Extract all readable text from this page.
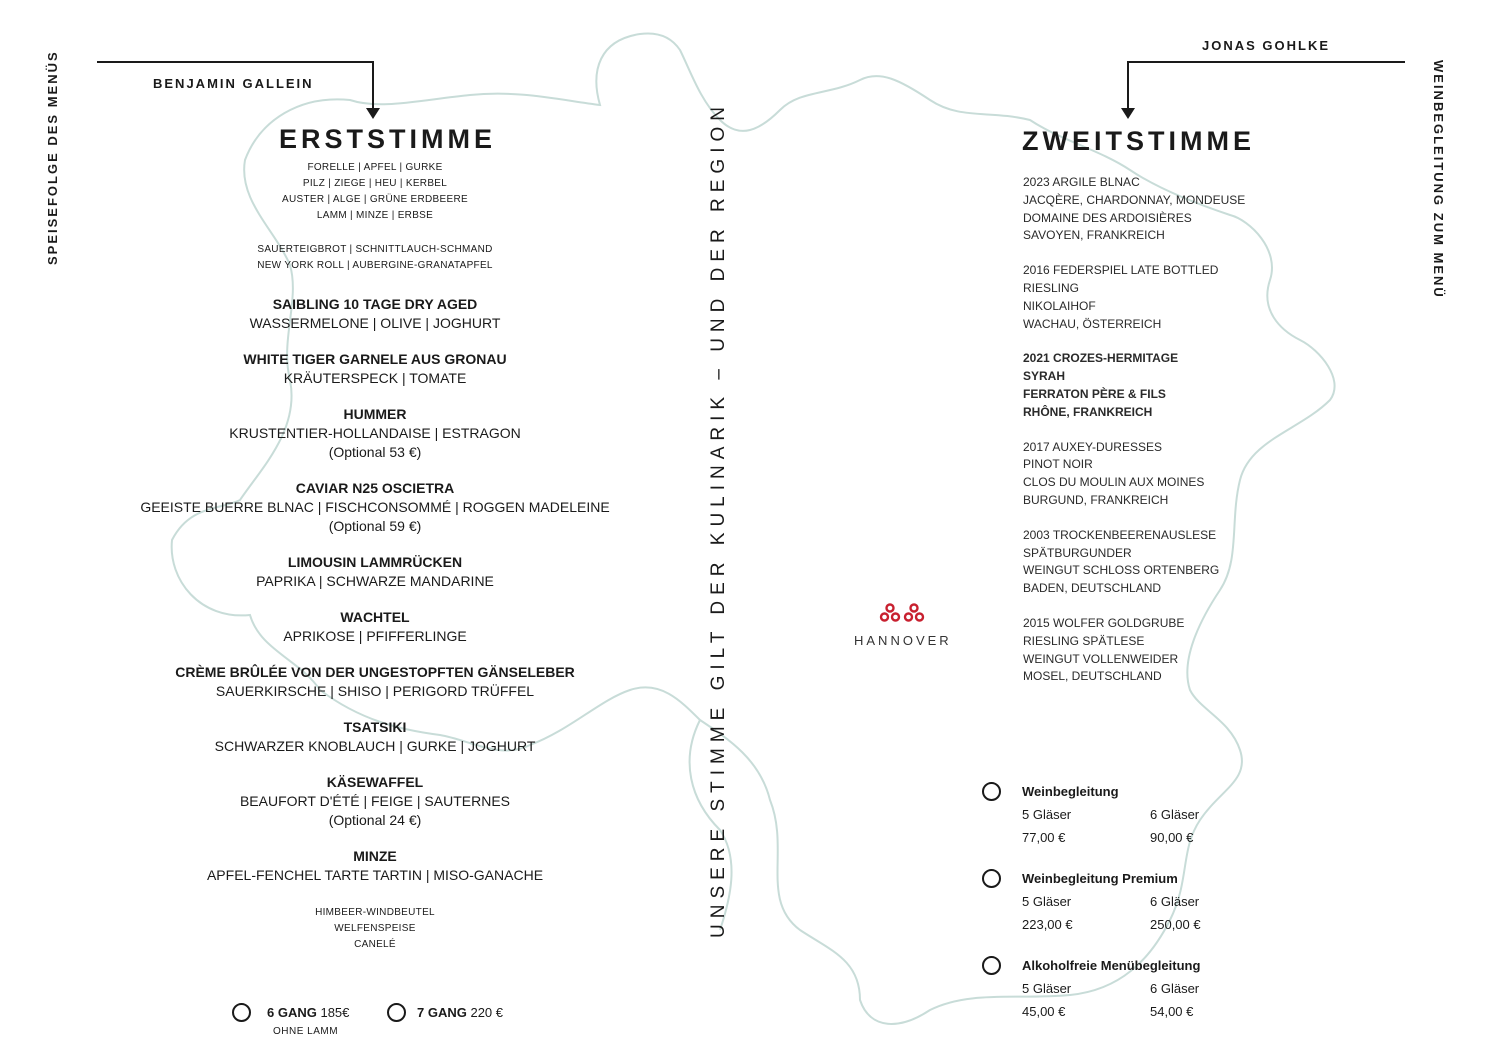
SPEISEFOLGE DES MENÜS	WEINBEGLEITUNG ZUM MENÜ
UNSERE STIMME GILT DER KULINARIK – UND DER REGION
BENJAMIN GALLEIN
JONAS GOHLKE
ERSTSTIMME
FORELLE | APFEL | GURKE
PILZ | ZIEGE | HEU | KERBEL
AUSTER | ALGE | GRÜNE ERDBEERE
LAMM | MINZE | ERBSE
SAUERTEIGBROT | SCHNITTLAUCH-SCHMAND
NEW YORK ROLL | AUBERGINE-GRANATAPFEL
SAIBLING 10 TAGE DRY AGED
WASSERMELONE | OLIVE | JOGHURT
WHITE TIGER GARNELE AUS GRONAU
KRÄUTERSPECK | TOMATE
HUMMER
KRUSTENTIER-HOLLANDAISE | ESTRAGON
(Optional 53 €)
CAVIAR N25 OSCIETRA
GEEISTE BUERRE BLNAC | FISCHCONSOMMÉ | ROGGEN MADELEINE
(Optional 59 €)
LIMOUSIN LAMMRÜCKEN
PAPRIKA | SCHWARZE MANDARINE
WACHTEL
APRIKOSE | PFIFFERLINGE
CRÈME BRÛLÉE VON DER UNGESTOPFTEN GÄNSELEBER
SAUERKIRSCHE | SHISO | PERIGORD TRÜFFEL
TSATSIKI
SCHWARZER KNOBLAUCH | GURKE | JOGHURT
KÄSEWAFFEL
BEAUFORT D'ÉTÉ | FEIGE | SAUTERNES
(Optional 24 €)
MINZE
APFEL-FENCHEL TARTE TARTIN | MISO-GANACHE
HIMBEER-WINDBEUTEL
WELFENSPEISE
CANELÉ
6 GANG 185€
OHNE LAMM
7 GANG 220 €
HANNOVER
ZWEITSTIMME
2023 ARGILE BLNAC
JACQÈRE, CHARDONNAY, MONDEUSE
DOMAINE DES ARDOISIÈRES
SAVOYEN, FRANKREICH
2016 FEDERSPIEL LATE BOTTLED
RIESLING
NIKOLAIHOF
WACHAU, ÖSTERREICH
2021 CROZES-HERMITAGE
SYRAH
FERRATON PÈRE & FILS
RHÔNE, FRANKREICH
2017 AUXEY-DURESSES
PINOT NOIR
CLOS DU MOULIN AUX MOINES
BURGUND, FRANKREICH
2003 TROCKENBEERENAUSLESE
SPÄTBURGUNDER
WEINGUT SCHLOSS ORTENBERG
BADEN, DEUTSCHLAND
2015 WOLFER GOLDGRUBE
RIESLING SPÄTLESE
WEINGUT VOLLENWEIDER
MOSEL, DEUTSCHLAND
Weinbegleitung
5 Gläser	6 Gläser
77,00 €	90,00 €
Weinbegleitung Premium
5 Gläser	6 Gläser
223,00 €	250,00 €
Alkoholfreie Menübegleitung
5 Gläser	6 Gläser
45,00 €	54,00 €
